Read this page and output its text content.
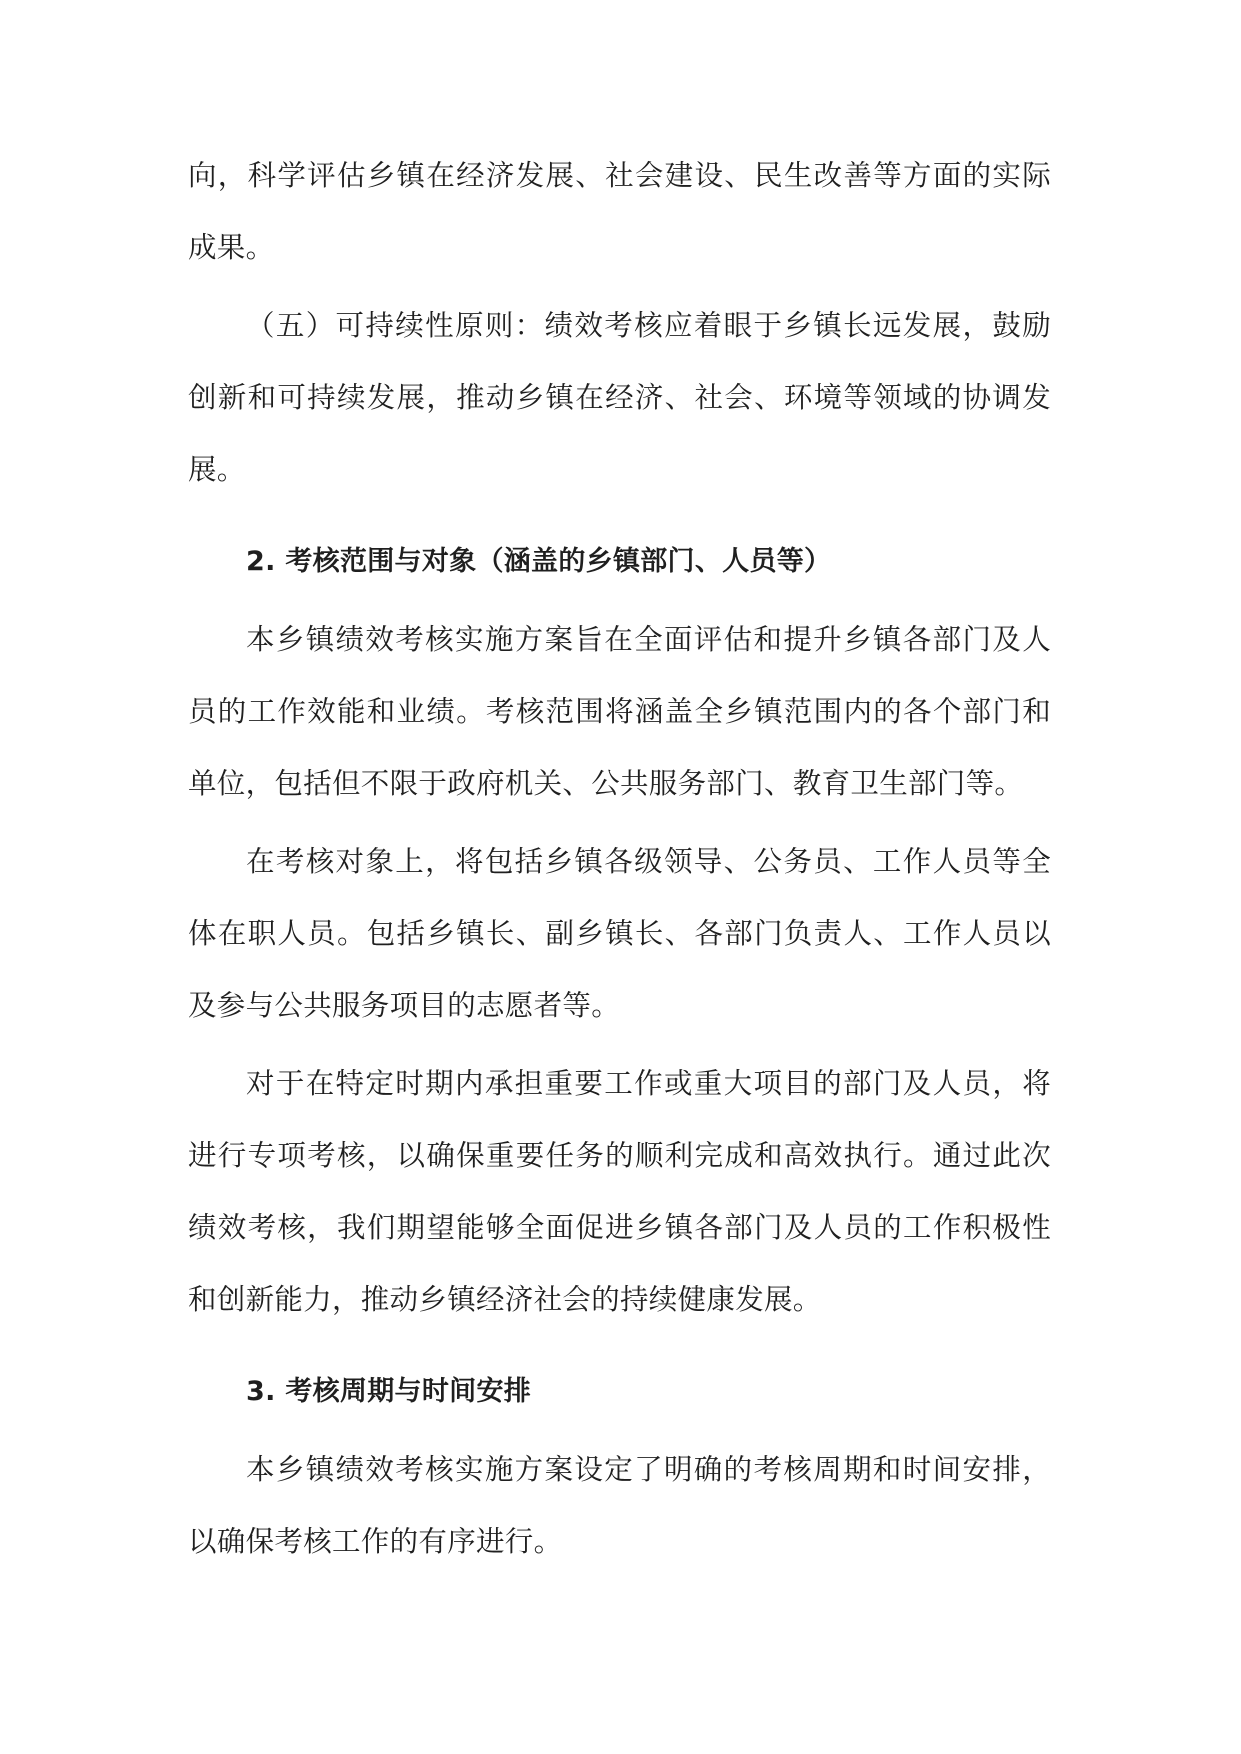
向，科学评估乡镇在经济发展、社会建设、民生改善等方面的实际成果。

（五）可持续性原则：绩效考核应着眼于乡镇长远发展，鼓励创新和可持续发展，推动乡镇在经济、社会、环境等领域的协调发展。

2. 考核范围与对象（涵盖的乡镇部门、人员等）

本乡镇绩效考核实施方案旨在全面评估和提升乡镇各部门及人员的工作效能和业绩。考核范围将涵盖全乡镇范围内的各个部门和单位，包括但不限于政府机关、公共服务部门、教育卫生部门等。

在考核对象上，将包括乡镇各级领导、公务员、工作人员等全体在职人员。包括乡镇长、副乡镇长、各部门负责人、工作人员以及参与公共服务项目的志愿者等。

对于在特定时期内承担重要工作或重大项目的部门及人员，将进行专项考核，以确保重要任务的顺利完成和高效执行。通过此次绩效考核，我们期望能够全面促进乡镇各部门及人员的工作积极性和创新能力，推动乡镇经济社会的持续健康发展。

3. 考核周期与时间安排

本乡镇绩效考核实施方案设定了明确的考核周期和时间安排，以确保考核工作的有序进行。
